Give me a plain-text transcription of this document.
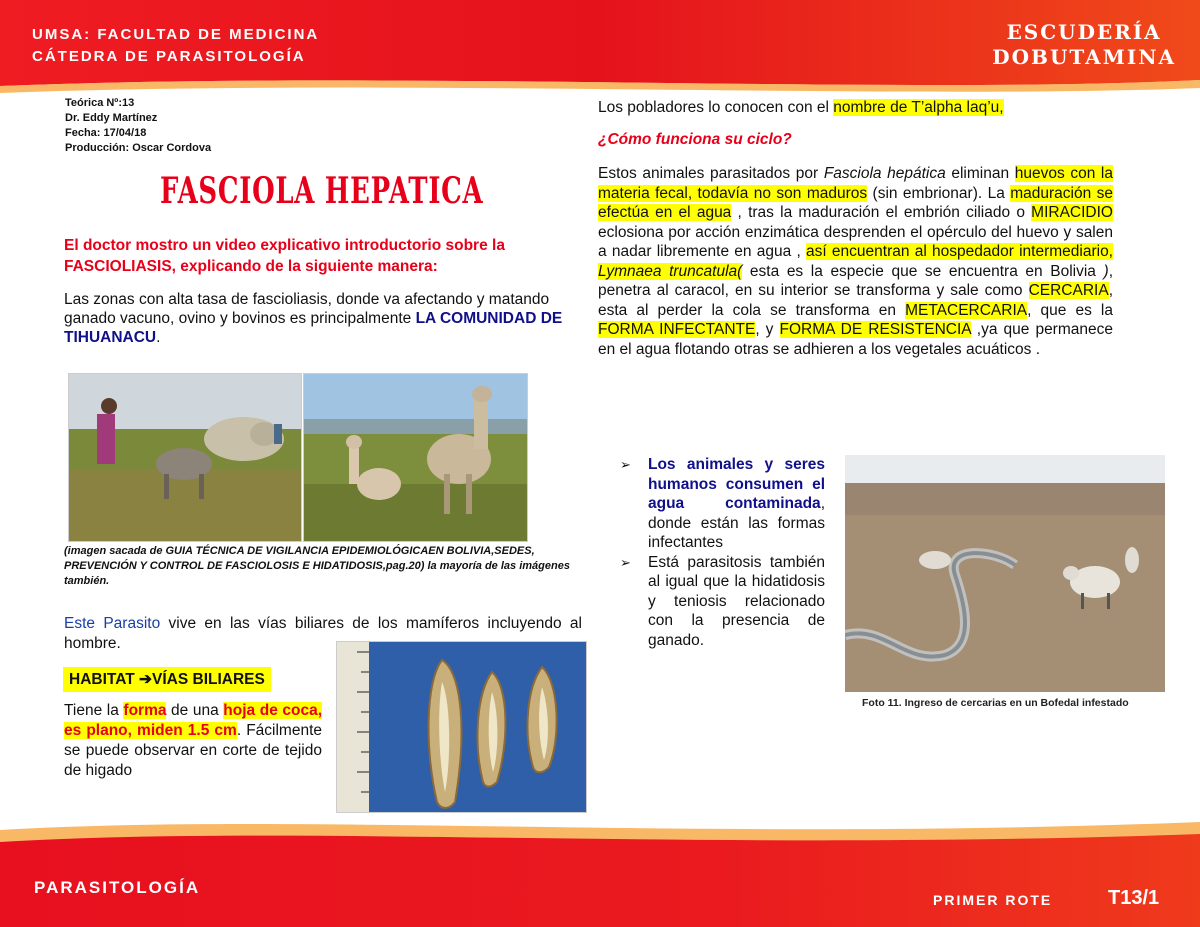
UMSA: FACULTAD DE MEDICINA
CÁTEDRA DE PARASITOLOGÍA
ESCUDERÍA
DOBUTAMINA
Teórica Nº:13
Dr. Eddy Martínez
Fecha: 17/04/18
Producción: Oscar Cordova
FASCIOLA HEPATICA
El doctor mostro un video explicativo introductorio sobre la FASCIOLIASIS, explicando de la siguiente manera:
Las zonas con alta tasa de fascioliasis, donde va afectando y matando ganado vacuno, ovino y bovinos es principalmente LA COMUNIDAD DE TIHUANACU.
(imagen sacada de GUIA TÉCNICA DE VIGILANCIA EPIDEMIOLÓGICAEN BOLIVIA,SEDES, PREVENCIÓN Y CONTROL DE FASCIOLOSIS E HIDATIDOSIS,pag.20) la mayoría de las imágenes también.
Este Parasito vive en las vías biliares de los mamíferos incluyendo al hombre.
HABITAT ➔VÍAS BILIARES
Tiene la forma de una hoja de coca, es plano, miden 1.5 cm. Fácilmente se puede observar en corte de tejido de higado
Los pobladores lo conocen con el nombre de T’alpha laq’u,
¿Cómo funciona su ciclo?
Estos animales parasitados por Fasciola hepática eliminan huevos con la materia fecal, todavía no son maduros (sin embrionar). La maduración se efectúa en el agua , tras la maduración el embrión ciliado o MIRACIDIO eclosiona por acción enzimática desprenden el opérculo del huevo y salen a nadar libremente en agua , así encuentran al hospedador intermediario, Lymnaea truncatula( esta es la especie que se encuentra en Bolivia ), penetra al caracol, en su interior se transforma y sale como CERCARIA, esta al perder la cola se transforma en METACERCARIA, que es la FORMA INFECTANTE, y FORMA DE RESISTENCIA ,ya que permanece en el agua flotando otras se adhieren a los vegetales acuáticos .
➢ Los animales y seres humanos consumen el agua contaminada, donde están las formas infectantes
➢ Está parasitosis también al igual que la hidatidosis y teniosis relacionado con la presencia de ganado.
Foto 11. Ingreso de cercarias en un Bofedal infestado
PARASITOLOGÍA
PRIMER ROTE	T13/1
